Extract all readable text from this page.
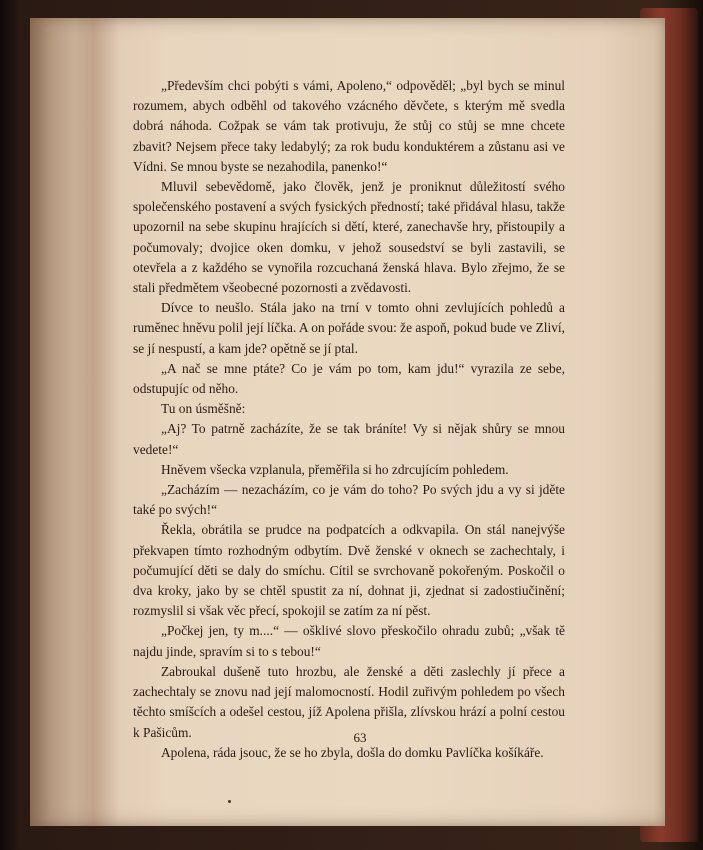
„Především chci pobýti s vámi, Apoleno,“ odpověděl; „byl bych se minul rozumem, abych odběhl od takového vzácného děvčete, s kterým mě svedla dobrá náhoda. Cožpak se vám tak protivuju, že stůj co stůj se mne chcete zbavit? Nejsem přece taky ledabylý; za rok budu konduktérem a zůstanu asi ve Vídni. Se mnou byste se nezahodila, panenko!“

Mluvil sebevědomě, jako člověk, jenž je proniknut důležitostí svého společenského postavení a svých fysických předností; také přidával hlasu, takže upozornil na sebe skupinu hrajících si dětí, které, zanechavše hry, přistoupily a počumovaly; dvojice oken domku, v jehož sousedství se byli zastavili, se otevřela a z každého se vynořila rozcuchaná ženská hlava. Bylo zřejmo, že se stali předmětem všeobecné pozornosti a zvědavosti.

Dívce to neušlo. Stála jako na trní v tomto ohni zevlujících pohledů a ruměnec hněvu polil její líčka. A on pořáde svou: že aspoň, pokud bude ve Zliví, se jí nespustí, a kam jde? opětně se jí ptal.

„A nač se mne ptáte? Co je vám po tom, kam jdu!“ vyrazila ze sebe, odstupujíc od něho.

Tu on úsměšně:

„Aj? To patrně zacházíte, že se tak bráníte! Vy si nějak shůry se mnou vedete!“

Hněvem všecka vzplanula, přeměřila si ho zdrcujícím pohledem.

„Zacházím — nezacházím, co je vám do toho? Po svých jdu a vy si jděte také po svých!“

Řekla, obrátila se prudce na podpatcích a odkvapila. On stál nanejvýše překvapen tímto rozhodným odbytím. Dvě ženské v oknech se zachechtaly, i počumující děti se daly do smíchu. Cítil se svrchovaně pokořeným. Poskočil o dva kroky, jako by se chtěl spustit za ní, dohnat ji, zjednat si zadostiučinění; rozmyslil si však věc přecí, spokojil se zatím za ní pěst.

„Počkej jen, ty m....“ — ošklivé slovo přeskočilo ohradu zubů; „však tě najdu jinde, spravím si to s tebou!“

Zabroukal dušeně tuto hrozbu, ale ženské a děti zaslechly jí přece a zachechtaly se znovu nad její malomocností. Hodil zuřivým pohledem po všech těchto smíšcích a odešel cestou, jíž Apolena přišla, zlívskou hrází a polní cestou k Pašicům.

Apolena, ráda jsouc, že se ho zbyla, došla do domku Pavlíčka košíkáře.

63
